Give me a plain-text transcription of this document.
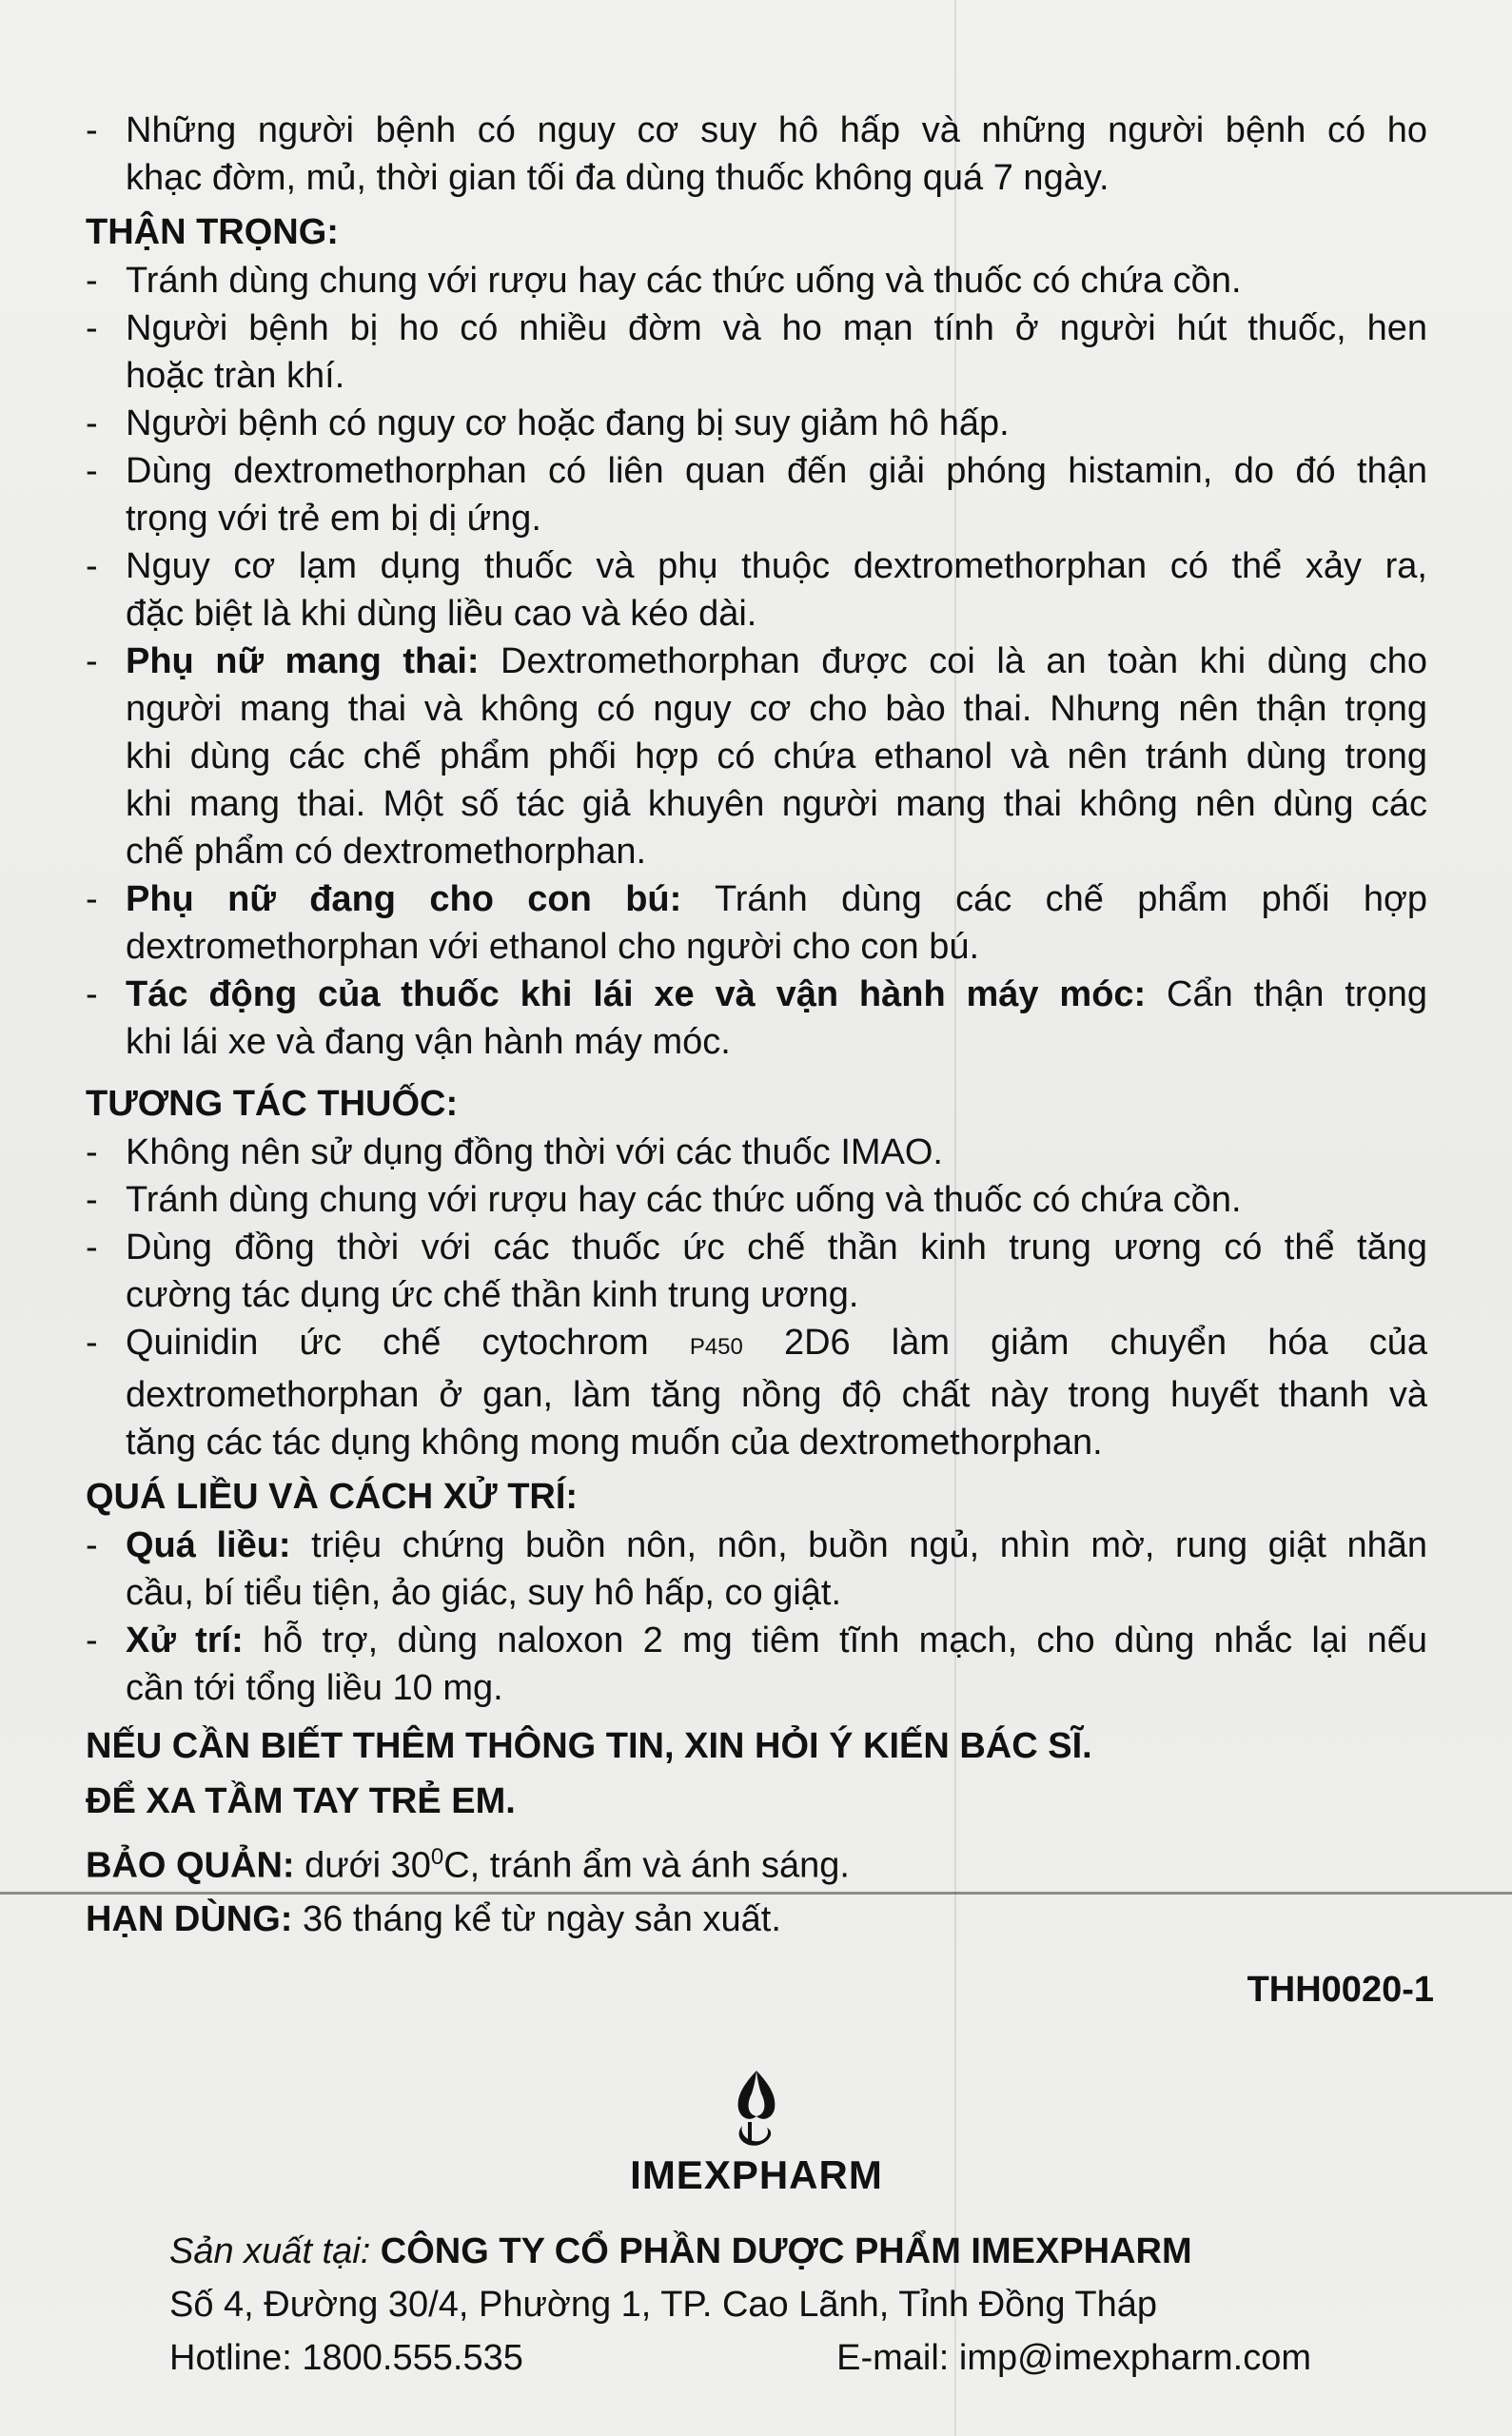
- Những người bệnh có nguy cơ suy hô hấp và những người bệnh có ho
khạc đờm, mủ, thời gian tối đa dùng thuốc không quá 7 ngày.
THẬN TRỌNG:
- Tránh dùng chung với rượu hay các thức uống và thuốc có chứa cồn.
- Người bệnh bị ho có nhiều đờm và ho mạn tính ở người hút thuốc, hen
hoặc tràn khí.
- Người bệnh có nguy cơ hoặc đang bị suy giảm hô hấp.
- Dùng dextromethorphan có liên quan đến giải phóng histamin, do đó thận
trọng với trẻ em bị dị ứng.
- Nguy cơ lạm dụng thuốc và phụ thuộc dextromethorphan có thể xảy ra,
đặc biệt là khi dùng liều cao và kéo dài.
- Phụ nữ mang thai: Dextromethorphan được coi là an toàn khi dùng cho
người mang thai và không có nguy cơ cho bào thai. Nhưng nên thận trọng
khi dùng các chế phẩm phối hợp có chứa ethanol và nên tránh dùng trong
khi mang thai. Một số tác giả khuyên người mang thai không nên dùng các
chế phẩm có dextromethorphan.
- Phụ nữ đang cho con bú: Tránh dùng các chế phẩm phối hợp
dextromethorphan với ethanol cho người cho con bú.
- Tác động của thuốc khi lái xe và vận hành máy móc: Cẩn thận trọng
khi lái xe và đang vận hành máy móc.
TƯƠNG TÁC THUỐC:
- Không nên sử dụng đồng thời với các thuốc IMAO.
- Tránh dùng chung với rượu hay các thức uống và thuốc có chứa cồn.
- Dùng đồng thời với các thuốc ức chế thần kinh trung ương có thể tăng
cường tác dụng ức chế thần kinh trung ương.
- Quinidin ức chế cytochrom P450 2D6 làm giảm chuyển hóa của
dextromethorphan ở gan, làm tăng nồng độ chất này trong huyết thanh và
tăng các tác dụng không mong muốn của dextromethorphan.
QUÁ LIỀU VÀ CÁCH XỬ TRÍ:
- Quá liều: triệu chứng buồn nôn, nôn, buồn ngủ, nhìn mờ, rung giật nhãn
cầu, bí tiểu tiện, ảo giác, suy hô hấp, co giật.
- Xử trí: hỗ trợ, dùng naloxon 2 mg tiêm tĩnh mạch, cho dùng nhắc lại nếu
cần tới tổng liều 10 mg.
NẾU CẦN BIẾT THÊM THÔNG TIN, XIN HỎI Ý KIẾN BÁC SĨ.
ĐỂ XA TẦM TAY TRẺ EM.
BẢO QUẢN: dưới $30^0C$, tránh ẩm và ánh sáng.
HẠN DÙNG: 36 tháng kể từ ngày sản xuất.
THH0020-1
IMEXPHARM
Sản xuất tại: CÔNG TY CỔ PHẦN DƯỢC PHẨM IMEXPHARM
Số 4, Đường 30/4, Phường 1, TP. Cao Lãnh, Tỉnh Đồng Tháp
Hotline: 1800.555.535	E-mail: imp@imexpharm.com
